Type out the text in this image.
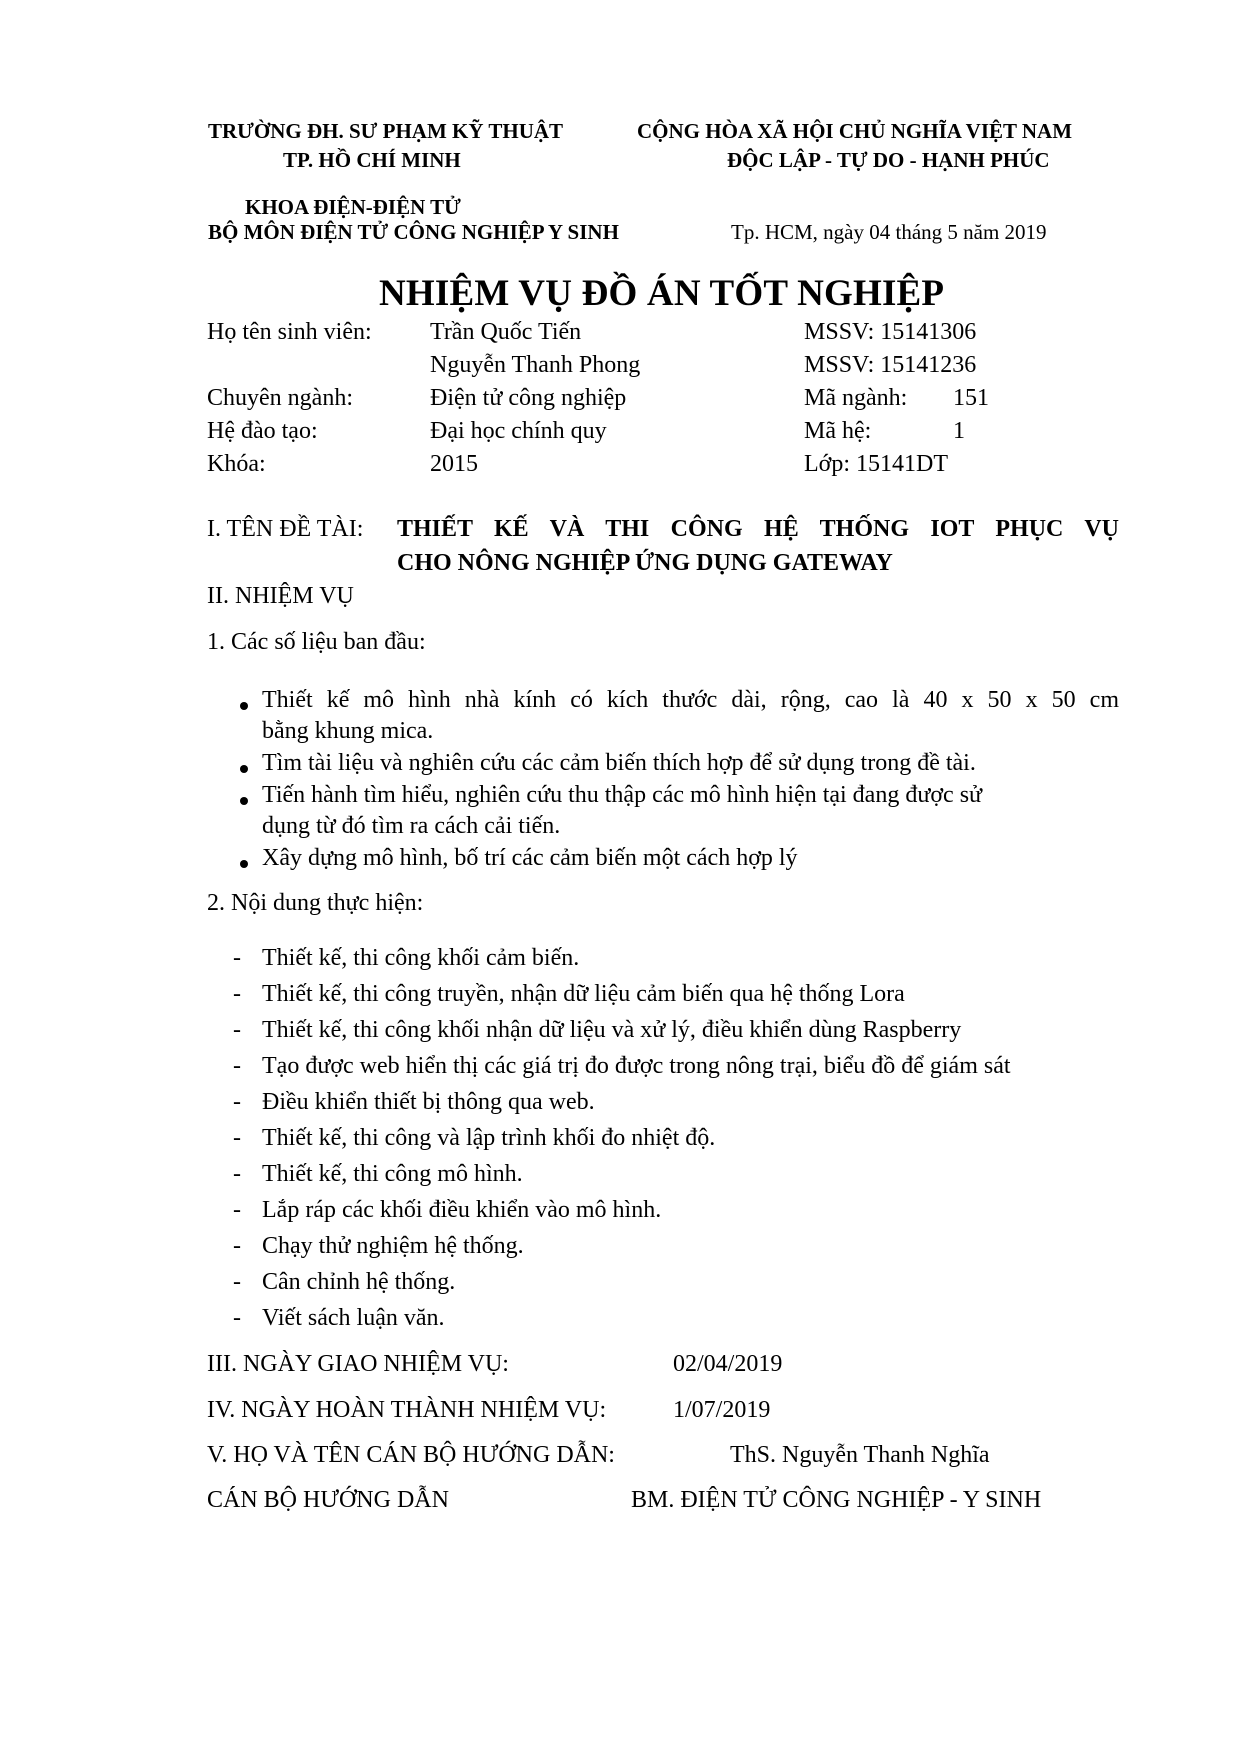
TRƯỜNG ĐH. SƯ PHẠM KỸ THUẬT
TP. HỒ CHÍ MINH
CỘNG HÒA XÃ HỘI CHỦ NGHĨA VIỆT NAM
ĐỘC LẬP - TỰ DO - HẠNH PHÚC
KHOA ĐIỆN-ĐIỆN TỬ
BỘ MÔN ĐIỆN TỬ CÔNG NGHIỆP Y SINH	Tp. HCM, ngày 04 tháng 5 năm 2019
NHIỆM VỤ ĐỒ ÁN TỐT NGHIỆP
Họ tên sinh viên: Trần Quốc Tiến	MSSV: 15141306
Nguyễn Thanh Phong	MSSV: 15141236
Chuyên ngành:	Điện tử công nghiệp	Mã ngành: 151
Hệ đào tạo:	Đại học chính quy	Mã hệ:	1
Khóa:	2015	Lớp: 15141DT
I. TÊN ĐỀ TÀI: THIẾT KẾ VÀ THI CÔNG HỆ THỐNG IOT PHỤC VỤ
CHO NÔNG NGHIỆP ỨNG DỤNG GATEWAY
II. NHIỆM VỤ
1. Các số liệu ban đầu:
Thiết kế mô hình nhà kính có kích thước dài, rộng, cao là 40 x 50 x 50 cm
bằng khung mica.
Tìm tài liệu và nghiên cứu các cảm biến thích hợp để sử dụng trong đề tài.
Tiến hành tìm hiểu, nghiên cứu thu thập các mô hình hiện tại đang được sử
dụng từ đó tìm ra cách cải tiến.
Xây dựng mô hình, bố trí các cảm biến một cách hợp lý
2. Nội dung thực hiện:
- Thiết kế, thi công khối cảm biến.
- Thiết kế, thi công truyền, nhận dữ liệu cảm biến qua hệ thống Lora
- Thiết kế, thi công khối nhận dữ liệu và xử lý, điều khiển dùng Raspberry
- Tạo được web hiển thị các giá trị đo được trong nông trại, biểu đồ để giám sát
- Điều khiển thiết bị thông qua web.
- Thiết kế, thi công và lập trình khối đo nhiệt độ.
- Thiết kế, thi công mô hình.
- Lắp ráp các khối điều khiển vào mô hình.
- Chạy thử nghiệm hệ thống.
- Cân chỉnh hệ thống.
- Viết sách luận văn.
III. NGÀY GIAO NHIỆM VỤ:	02/04/2019
IV. NGÀY HOÀN THÀNH NHIỆM VỤ:	1/07/2019
V. HỌ VÀ TÊN CÁN BỘ HƯỚNG DẪN:	ThS. Nguyễn Thanh Nghĩa
CÁN BỘ HƯỚNG DẪN	BM. ĐIỆN TỬ CÔNG NGHIỆP - Y SINH
